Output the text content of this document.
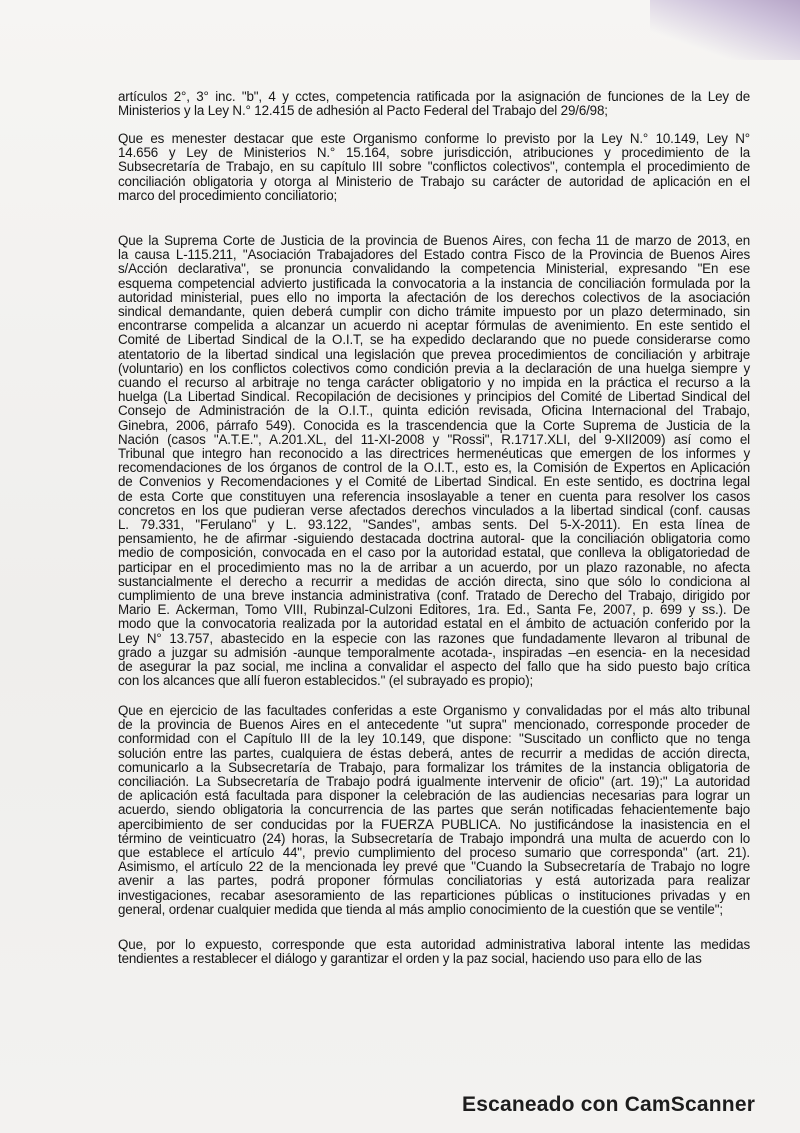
artículos 2°, 3° inc. "b", 4 y cctes, competencia ratificada por la asignación de funciones de la Ley de
Ministerios y la Ley N.° 12.415 de adhesión al Pacto Federal del Trabajo del 29/6/98;
Que es menester destacar que este Organismo conforme lo previsto por la Ley N.° 10.149, Ley N°
14.656 y Ley de Ministerios N.° 15.164, sobre jurisdicción, atribuciones y procedimiento de la
Subsecretaría de Trabajo, en su capítulo III sobre "conflictos colectivos", contempla el procedimiento de
conciliación obligatoria y otorga al Ministerio de Trabajo su carácter de autoridad de aplicación en el
marco del procedimiento conciliatorio;
Que la Suprema Corte de Justicia de la provincia de Buenos Aires, con fecha 11 de marzo de 2013, en
la causa L-115.211, "Asociación Trabajadores del Estado contra Fisco de la Provincia de Buenos Aires
s/Acción declarativa", se pronuncia convalidando la competencia Ministerial, expresando "En ese
esquema competencial advierto justificada la convocatoria a la instancia de conciliación formulada por la
autoridad ministerial, pues ello no importa la afectación de los derechos colectivos de la asociación
sindical demandante, quien deberá cumplir con dicho trámite impuesto por un plazo determinado, sin
encontrarse compelida a alcanzar un acuerdo ni aceptar fórmulas de avenimiento. En este sentido el
Comité de Libertad Sindical de la O.I.T, se ha expedido declarando que no puede considerarse como
atentatorio de la libertad sindical una legislación que prevea procedimientos de conciliación y arbitraje
(voluntario) en los conflictos colectivos como condición previa a la declaración de una huelga siempre y
cuando el recurso al arbitraje no tenga carácter obligatorio y no impida en la práctica el recurso a la
huelga (La Libertad Sindical. Recopilación de decisiones y principios del Comité de Libertad Sindical del
Consejo de Administración de la O.I.T., quinta edición revisada, Oficina Internacional del Trabajo,
Ginebra, 2006, párrafo 549). Conocida es la trascendencia que la Corte Suprema de Justicia de la
Nación (casos "A.T.E.", A.201.XL, del 11-XI-2008 y "Rossi", R.1717.XLI, del 9-XII2009) así como el
Tribunal que integro han reconocido a las directrices hermenéuticas que emergen de los informes y
recomendaciones de los órganos de control de la O.I.T., esto es, la Comisión de Expertos en Aplicación
de Convenios y Recomendaciones y el Comité de Libertad Sindical. En este sentido, es doctrina legal
de esta Corte que constituyen una referencia insoslayable a tener en cuenta para resolver los casos
concretos en los que pudieran verse afectados derechos vinculados a la libertad sindical (conf. causas
L. 79.331, "Ferulano" y L. 93.122, "Sandes", ambas sents. Del 5-X-2011). En esta línea de
pensamiento, he de afirmar -siguiendo destacada doctrina autoral- que la conciliación obligatoria como
medio de composición, convocada en el caso por la autoridad estatal, que conlleva la obligatoriedad de
participar en el procedimiento mas no la de arribar a un acuerdo, por un plazo razonable, no afecta
sustancialmente el derecho a recurrir a medidas de acción directa, sino que sólo lo condiciona al
cumplimiento de una breve instancia administrativa (conf. Tratado de Derecho del Trabajo, dirigido por
Mario E. Ackerman, Tomo VIII, Rubinzal-Culzoni Editores, 1ra. Ed., Santa Fe, 2007, p. 699 y ss.). De
modo que la convocatoria realizada por la autoridad estatal en el ámbito de actuación conferido por la
Ley N° 13.757, abastecido en la especie con las razones que fundadamente llevaron al tribunal de
grado a juzgar su admisión -aunque temporalmente acotada-, inspiradas –en esencia- en la necesidad
de asegurar la paz social, me inclina a convalidar el aspecto del fallo que ha sido puesto bajo crítica
con los alcances que allí fueron establecidos." (el subrayado es propio);
Que en ejercicio de las facultades conferidas a este Organismo y convalidadas por el más alto tribunal
de la provincia de Buenos Aires en el antecedente "ut supra" mencionado, corresponde proceder de
conformidad con el Capítulo III de la ley 10.149, que dispone: "Suscitado un conflicto que no tenga
solución entre las partes, cualquiera de éstas deberá, antes de recurrir a medidas de acción directa,
comunicarlo a la Subsecretaría de Trabajo, para formalizar los trámites de la instancia obligatoria de
conciliación. La Subsecretaría de Trabajo podrá igualmente intervenir de oficio" (art. 19);" La autoridad
de aplicación está facultada para disponer la celebración de las audiencias necesarias para lograr un
acuerdo, siendo obligatoria la concurrencia de las partes que serán notificadas fehacientemente bajo
apercibimiento de ser conducidas por la FUERZA PUBLICA. No justificándose la inasistencia en el
término de veinticuatro (24) horas, la Subsecretaría de Trabajo impondrá una multa de acuerdo con lo
que establece el artículo 44", previo cumplimiento del proceso sumario que corresponda" (art. 21).
Asimismo, el artículo 22 de la mencionada ley prevé que "Cuando la Subsecretaría de Trabajo no logre
avenir a las partes, podrá proponer fórmulas conciliatorias y está autorizada para realizar
investigaciones, recabar asesoramiento de las reparticiones públicas o instituciones privadas y en
general, ordenar cualquier medida que tienda al más amplio conocimiento de la cuestión que se ventile";
Que, por lo expuesto, corresponde que esta autoridad administrativa laboral intente las medidas
tendientes a restablecer el diálogo y garantizar el orden y la paz social, haciendo uso para ello de las
Escaneado con CamScanner
